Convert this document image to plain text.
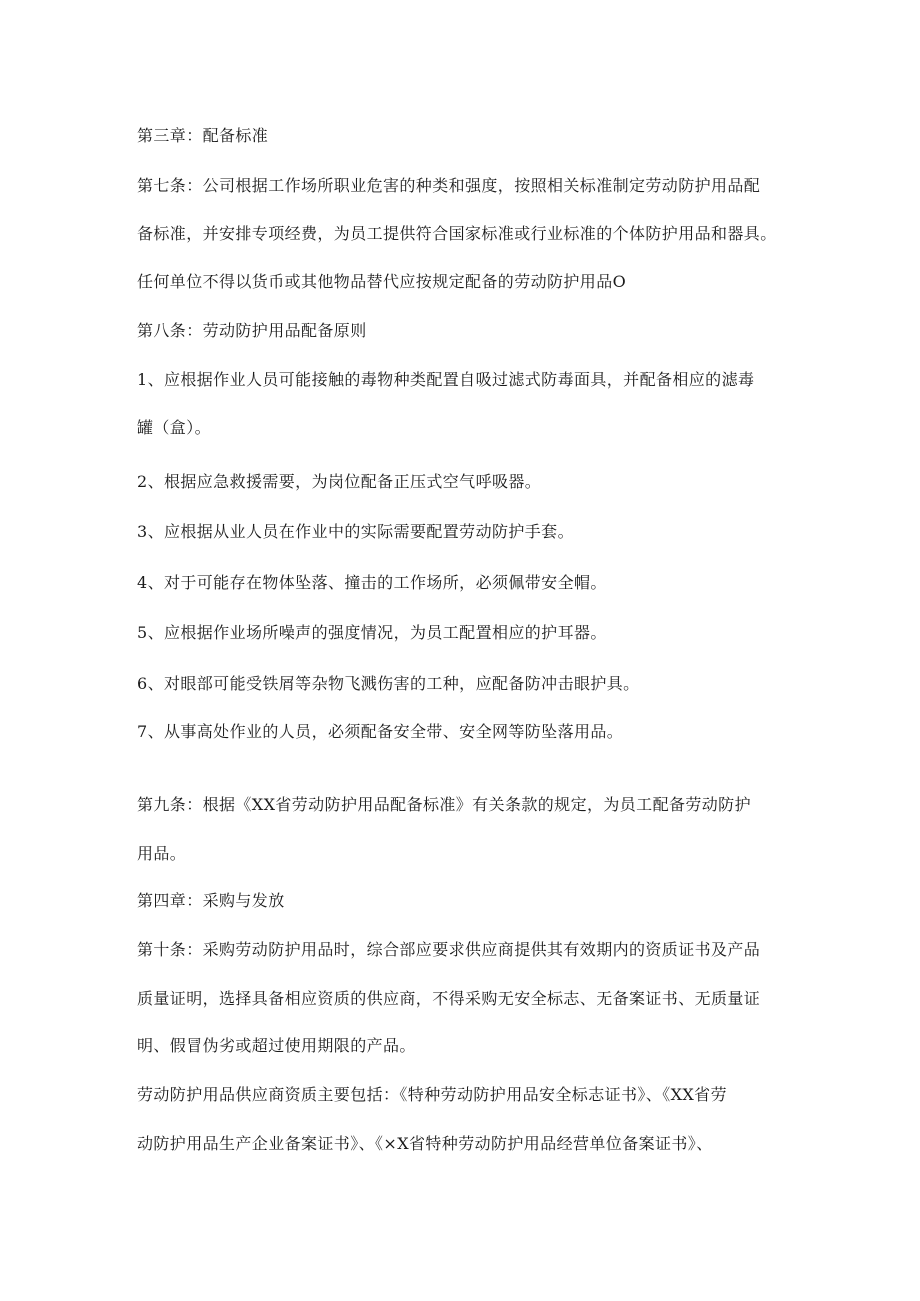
第三章：配备标准
第七条：公司根据工作场所职业危害的种类和强度，按照相关标准制定劳动防护用品配
备标准，并安排专项经费，为员工提供符合国家标准或行业标准的个体防护用品和器具。
任何单位不得以货币或其他物品替代应按规定配备的劳动防护用品O
第八条：劳动防护用品配备原则
1、应根据作业人员可能接触的毒物种类配置自吸过滤式防毒面具，并配备相应的滤毒
罐（盒）。
2、根据应急救援需要，为岗位配备正压式空气呼吸器。
3、应根据从业人员在作业中的实际需要配置劳动防护手套。
4、对于可能存在物体坠落、撞击的工作场所，必须佩带安全帽。
5、应根据作业场所噪声的强度情况，为员工配置相应的护耳器。
6、对眼部可能受铁屑等杂物飞溅伤害的工种，应配备防冲击眼护具。
7、从事高处作业的人员，必须配备安全带、安全网等防坠落用品。
第九条：根据《XX省劳动防护用品配备标准》有关条款的规定，为员工配备劳动防护
用品。
第四章：采购与发放
第十条：采购劳动防护用品时，综合部应要求供应商提供其有效期内的资质证书及产品
质量证明，选择具备相应资质的供应商，不得采购无安全标志、无备案证书、无质量证
明、假冒伪劣或超过使用期限的产品。
劳动防护用品供应商资质主要包括：《特种劳动防护用品安全标志证书》、《XX省劳
动防护用品生产企业备案证书》、《×X省特种劳动防护用品经营单位备案证书》、
